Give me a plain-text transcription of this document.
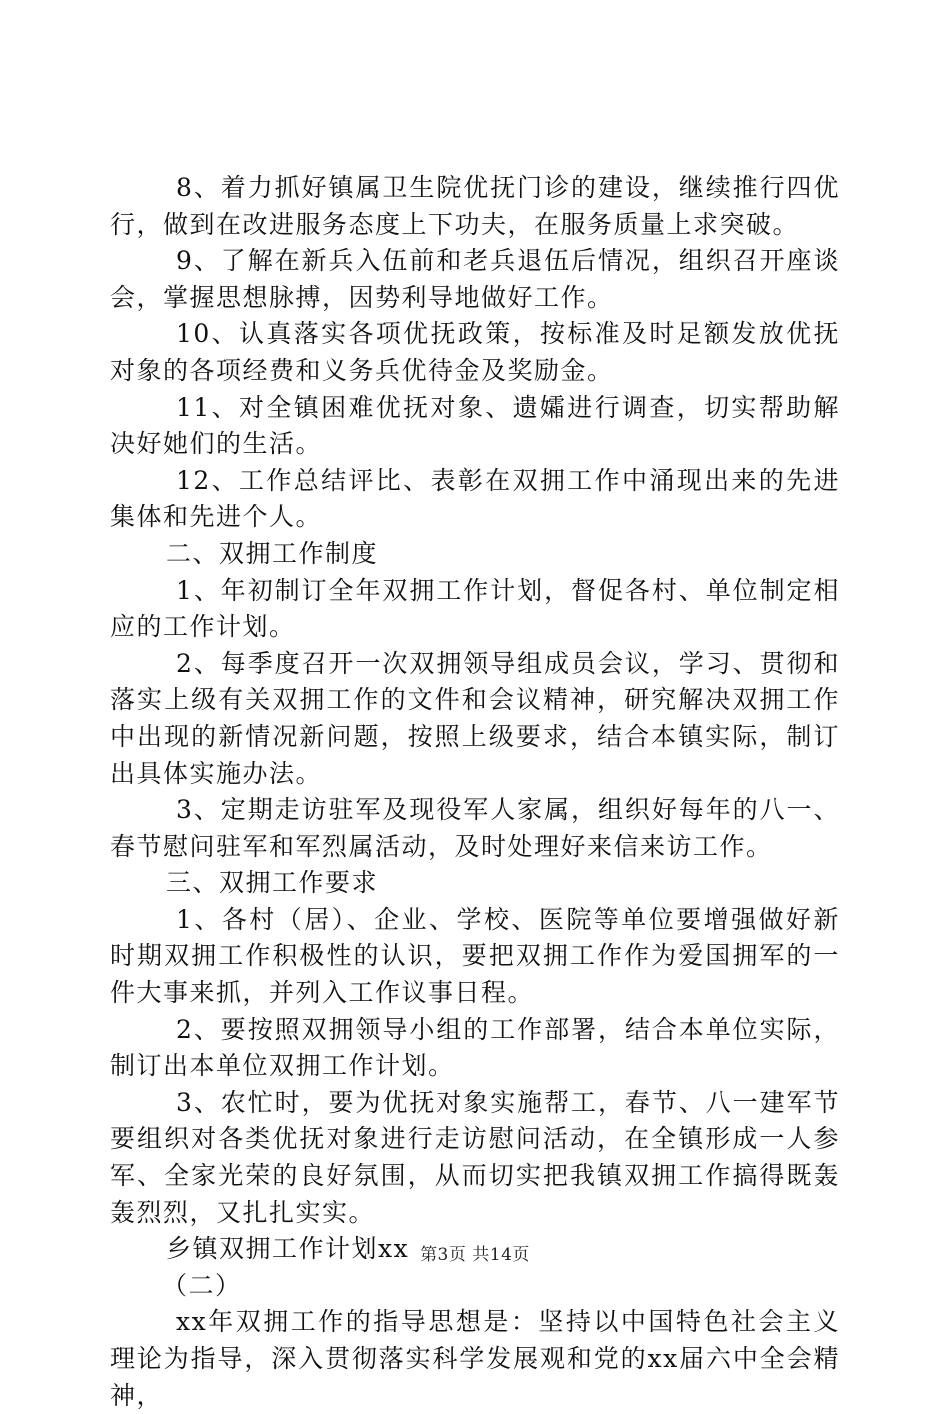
8、着力抓好镇属卫生院优抚门诊的建设，继续推行四优行，做到在改进服务态度上下功夫，在服务质量上求突破。

9、了解在新兵入伍前和老兵退伍后情况，组织召开座谈会，掌握思想脉搏，因势利导地做好工作。

10、认真落实各项优抚政策，按标准及时足额发放优抚对象的各项经费和义务兵优待金及奖励金。

11、对全镇困难优抚对象、遗孀进行调查，切实帮助解决好她们的生活。

12、工作总结评比、表彰在双拥工作中涌现出来的先进集体和先进个人。

二、双拥工作制度

1、年初制订全年双拥工作计划，督促各村、单位制定相应的工作计划。

2、每季度召开一次双拥领导组成员会议，学习、贯彻和落实上级有关双拥工作的文件和会议精神，研究解决双拥工作中出现的新情况新问题，按照上级要求，结合本镇实际，制订出具体实施办法。

3、定期走访驻军及现役军人家属，组织好每年的八一、春节慰问驻军和军烈属活动，及时处理好来信来访工作。

三、双拥工作要求

1、各村（居）、企业、学校、医院等单位要增强做好新时期双拥工作积极性的认识，要把双拥工作作为爱国拥军的一件大事来抓，并列入工作议事日程。

2、要按照双拥领导小组的工作部署，结合本单位实际，制订出本单位双拥工作计划。

3、农忙时，要为优抚对象实施帮工，春节、八一建军节要组织对各类优抚对象进行走访慰问活动，在全镇形成一人参军、全家光荣的良好氛围，从而切实把我镇双拥工作搞得既轰轰烈烈，又扎扎实实。

乡镇双拥工作计划xx

（二）

xx年双拥工作的指导思想是：坚持以中国特色社会主义理论为指导，深入贯彻落实科学发展观和党的xx届六中全会精神，

第3页 共14页
